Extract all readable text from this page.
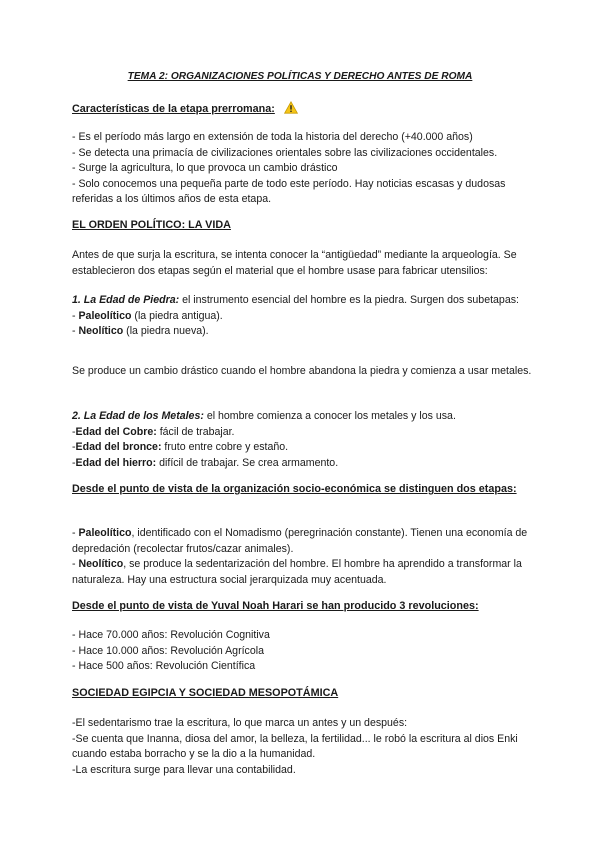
TEMA 2: ORGANIZACIONES POLÍTICAS Y DERECHO ANTES DE ROMA
Características de la etapa prerromana:
- Es el período más largo en extensión de toda la historia del derecho (+40.000 años)
- Se detecta una primacía de civilizaciones orientales sobre las civilizaciones occidentales.
- Surge la agricultura, lo que provoca un cambio drástico
- Solo conocemos una pequeña parte de todo este período. Hay noticias escasas y dudosas referidas a los últimos años de esta etapa.
EL ORDEN POLÍTICO: LA VIDA
Antes de que surja la escritura, se intenta conocer la “antigüedad” mediante la arqueología. Se establecieron dos etapas según el material que el hombre usase para fabricar utensilios:
1. La Edad de Piedra: el instrumento esencial del hombre es la piedra. Surgen dos subetapas:
- Paleolítico (la piedra antigua).
- Neolítico (la piedra nueva).
Se produce un cambio drástico cuando el hombre abandona la piedra y comienza a usar metales.
2. La Edad de los Metales: el hombre comienza a conocer los metales y los usa.
-Edad del Cobre: fácil de trabajar.
-Edad del bronce: fruto entre cobre y estaño.
-Edad del hierro: difícil de trabajar. Se crea armamento.
Desde el punto de vista de la organización socio-económica se distinguen dos etapas:
- Paleolítico, identificado con el Nomadismo (peregrinación constante). Tienen una economía de depredación (recolectar frutos/cazar animales).
- Neolítico, se produce la sedentarización del hombre. El hombre ha aprendido a transformar la naturaleza. Hay una estructura social jerarquizada muy acentuada.
Desde el punto de vista de Yuval Noah Harari se han producido 3 revoluciones:
- Hace 70.000 años: Revolución Cognitiva
- Hace 10.000 años: Revolución Agrícola
- Hace 500 años: Revolución Científica
SOCIEDAD EGIPCIA Y SOCIEDAD MESOPOTÁMICA
-El sedentarismo trae la escritura, lo que marca un antes y un después:
-Se cuenta que Inanna, diosa del amor, la belleza, la fertilidad... le robó la escritura al dios Enki cuando estaba borracho y se la dio a la humanidad.
-La escritura surge para llevar una contabilidad.
